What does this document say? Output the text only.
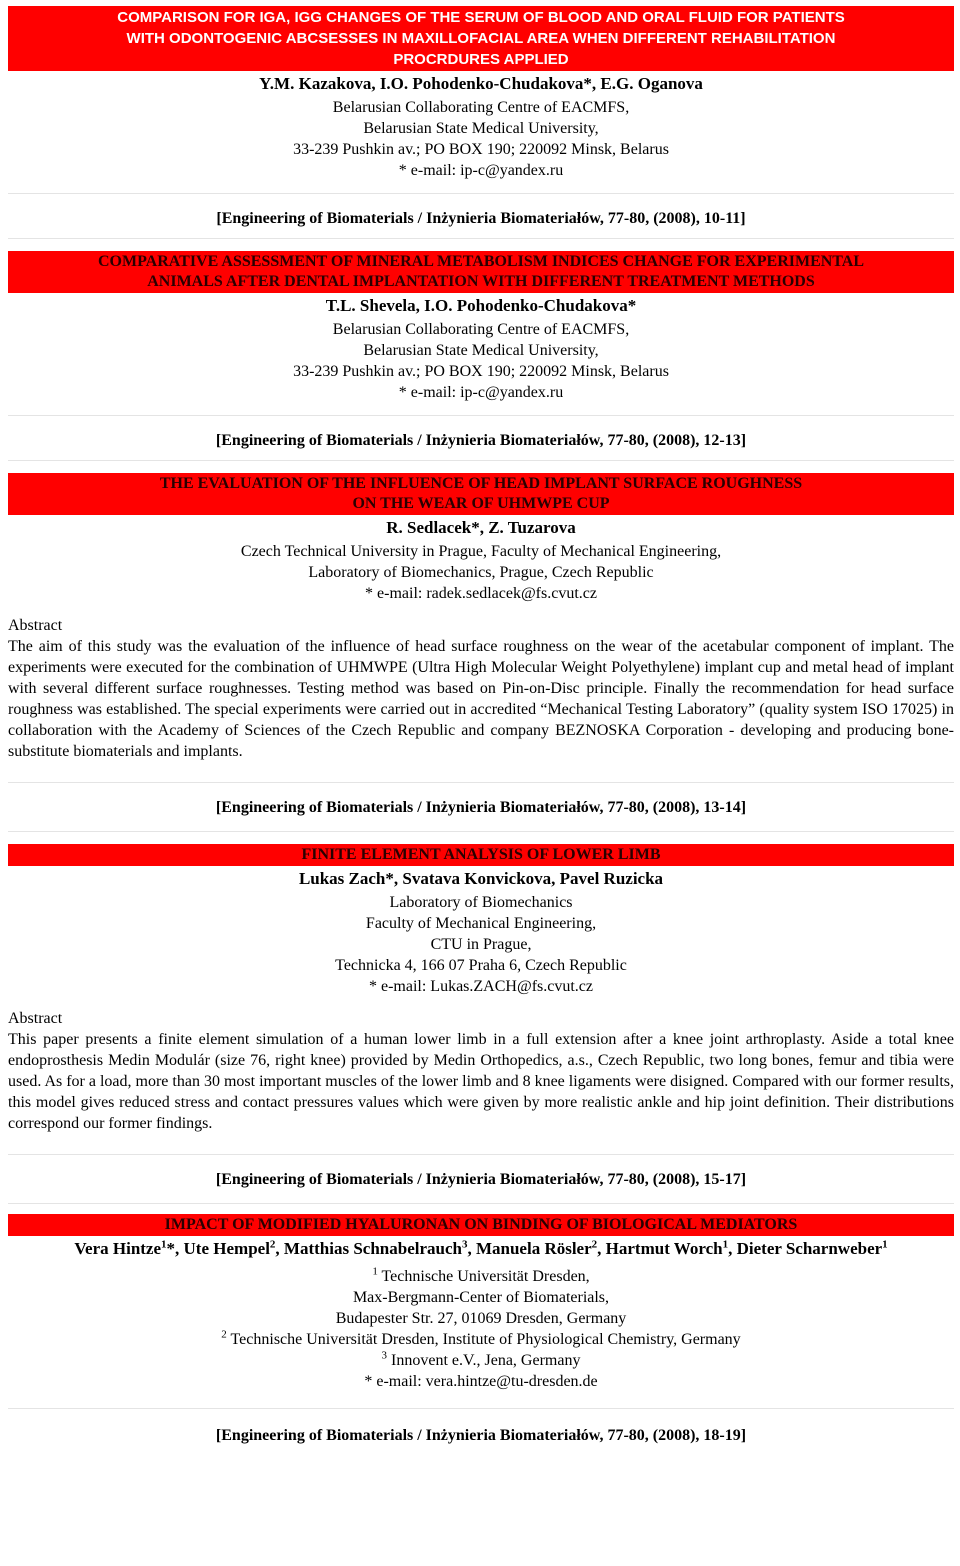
COMPARISON FOR IGA, IGG CHANGES OF THE SERUM OF BLOOD AND ORAL FLUID FOR PATIENTS
WITH ODONTOGENIC ABCSESSES IN MAXILLOFACIAL AREA WHEN DIFFERENT REHABILITATION
PROCRDURES APPLIED
Y.M. Kazakova, I.O. Pohodenko-Chudakova*, E.G. Oganova
Belarusian Collaborating Centre of EACMFS,
Belarusian State Medical University,
33-239 Pushkin av.; PO BOX 190; 220092 Minsk, Belarus
* e-mail: ip-c@yandex.ru
[Engineering of Biomaterials / Inżynieria Biomateriałów, 77-80, (2008), 10-11]
COMPARATIVE ASSESSMENT OF MINERAL METABOLISM INDICES CHANGE FOR EXPERIMENTAL
ANIMALS AFTER DENTAL IMPLANTATION WITH DIFFERENT TREATMENT METHODS
T.L. Shevela, I.O. Pohodenko-Chudakova*
Belarusian Collaborating Centre of EACMFS,
Belarusian State Medical University,
33-239 Pushkin av.; PO BOX 190; 220092 Minsk, Belarus
* e-mail: ip-c@yandex.ru
[Engineering of Biomaterials / Inżynieria Biomateriałów, 77-80, (2008), 12-13]
THE EVALUATION OF THE INFLUENCE OF HEAD IMPLANT SURFACE ROUGHNESS
ON THE WEAR OF UHMWPE CUP
R. Sedlacek*, Z. Tuzarova
Czech Technical University in Prague, Faculty of Mechanical Engineering,
Laboratory of Biomechanics, Prague, Czech Republic
* e-mail: radek.sedlacek@fs.cvut.cz
Abstract
The aim of this study was the evaluation of the influence of head surface roughness on the wear of the acetabular component of implant. The experiments were executed for the combination of UHMWPE (Ultra High Molecular Weight Polyethylene) implant cup and metal head of implant with several different surface roughnesses. Testing method was based on Pin-on-Disc principle. Finally the recommendation for head surface roughness was established. The special experiments were carried out in accredited “Mechanical Testing Laboratory” (quality system ISO 17025) in collaboration with the Academy of Sciences of the Czech Republic and company BEZNOSKA Corporation - developing and producing bone-substitute biomaterials and implants.
[Engineering of Biomaterials / Inżynieria Biomateriałów, 77-80, (2008), 13-14]
FINITE ELEMENT ANALYSIS OF LOWER LIMB
Lukas Zach*, Svatava Konvickova, Pavel Ruzicka
Laboratory of Biomechanics
Faculty of Mechanical Engineering,
CTU in Prague,
Technicka 4, 166 07 Praha 6, Czech Republic
* e-mail: Lukas.ZACH@fs.cvut.cz
Abstract
This paper presents a finite element simulation of a human lower limb in a full extension after a knee joint arthroplasty. Aside a total knee endoprosthesis Medin Modulár (size 76, right knee) provided by Medin Orthopedics, a.s., Czech Republic, two long bones, femur and tibia were used. As for a load, more than 30 most important muscles of the lower limb and 8 knee ligaments were disigned. Compared with our former results, this model gives reduced stress and contact pressures values which were given by more realistic ankle and hip joint definition. Their distributions correspond our former findings.
[Engineering of Biomaterials / Inżynieria Biomateriałów, 77-80, (2008), 15-17]
IMPACT OF MODIFIED HYALURONAN ON BINDING OF BIOLOGICAL MEDIATORS
Vera Hintze$^1$*, Ute Hempel$^2$, Matthias Schnabelrauch$^3$, Manuela Rösler$^2$, Hartmut Worch$^1$, Dieter Scharnweber$^1$
$^1$ Technische Universität Dresden,
Max-Bergmann-Center of Biomaterials,
Budapester Str. 27, 01069 Dresden, Germany
$^2$ Technische Universität Dresden, Institute of Physiological Chemistry, Germany
$^3$ Innovent e.V., Jena, Germany
* e-mail: vera.hintze@tu-dresden.de
[Engineering of Biomaterials / Inżynieria Biomateriałów, 77-80, (2008), 18-19]
